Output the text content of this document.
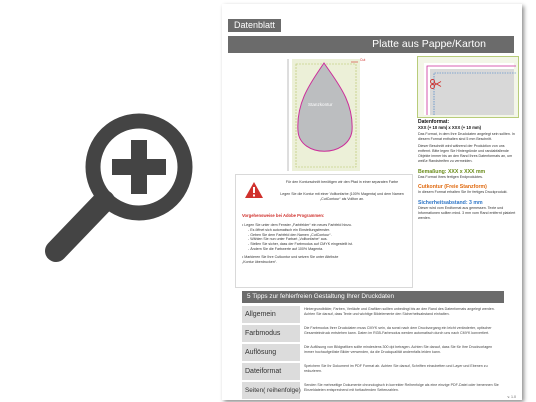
Datenblatt
Platte aus Pappe/Karton
Stanzkontur
Cut
Datenformat:
XXX (+ 10 mm) x XXX (+ 10 mm)
Das Format, in dem Ihre Druckdaten angelegt sein sollten. In diesem Format enthalten sind 5 mm Beschnitt.
Dieser Beschnitt wird während der Produktion von uns entfernt. Bitte legen Sie Hintergründe und randabfallende Objekte immer bis an den Rand Ihres Datenformats an, um weiße Randstreifen zu vermeiden.
Bemaßung: XXX x XXX mm
Das Format Ihres fertigen Endproduktes.
Cutkontur (Freie Stanzform)
In diesem Format erhalten Sie Ihr fertiges Druckprodukt.
Sicherheitsabstand: 3 mm
Dieser wird vom Endformat aus gemessen. Texte und Informationen sollten mind. 3 mm vom Rand entfernt platziert werden.
Für den Konturschnitt benötigen wir den Pfad in einer separaten Farbe
Legen Sie die Kontur mit einer Volltonfarbe (100% Magenta) und dem Namen „CutContour“ als Vollton an.
Vorgehensweise bei Adobe Programmen:
• Legen Sie unter dem Fenster „Farbfelder“ ein neues Farbfeld hinzu.
- Es öffnet sich automatisch ein Einstellungsfenster.
- Geben Sie dem Farbfeld den Namen „CutContour“.
- Wählen Sie nun unter Farbart „Volltonfarbe“ aus.
- Stellen Sie sicher, dass der Farbmodus auf CMYK eingestellt ist.
- Ändern Sie die Farbwerte auf 100% Magenta.
• Markieren Sie Ihre Cutkontur und setzen Sie unter Attribute
„Kontur überdrucken“.
5 Tipps zur fehlerfreien Gestaltung Ihrer Druckdaten
Allgemein
Hintergrundbilder, Farben, Verläufe und Grafiken sollten unbedingt bis an den Rand des Datenformats angelegt werden. Achten Sie darauf, dass Texte und wichtige Bildelemente den Sicherheitsabstand einhalten.
Farbmodus
Die Farbmodus Ihrer Druckdaten muss CMYK sein, da sonst nach dem Druckvorgang ein leicht veränderter, optischer Gesamteindruck entstehen kann. Daten im RGB-Farbmodus werden automatisch durch uns nach CMYK konvertiert.
Auflösung
Die Auflösung von Bildgrafiken sollte mindestens 300 dpi betragen. Achten Sie darauf, dass Sie für Ihre Druckvorlagen immer hochaufgelöste Bilder verwenden, da die Druckqualität andernfalls leiden kann.
Dateiformat
Speichern Sie Ihr Dokument im PDF Format ab. Achten Sie darauf, Schriften einzubetten und Layer und Ebenen zu reduzieren.
Seiten( reihenfolge)
Senden Sie mehrseitige Dokumente chronologisch in korrekter Reihenfolge als eine einzige PDF-Datei oder benennen Sie Einzeldateien entsprechend mit fortlaufenden Seitenzahlen.
v. 1.0
